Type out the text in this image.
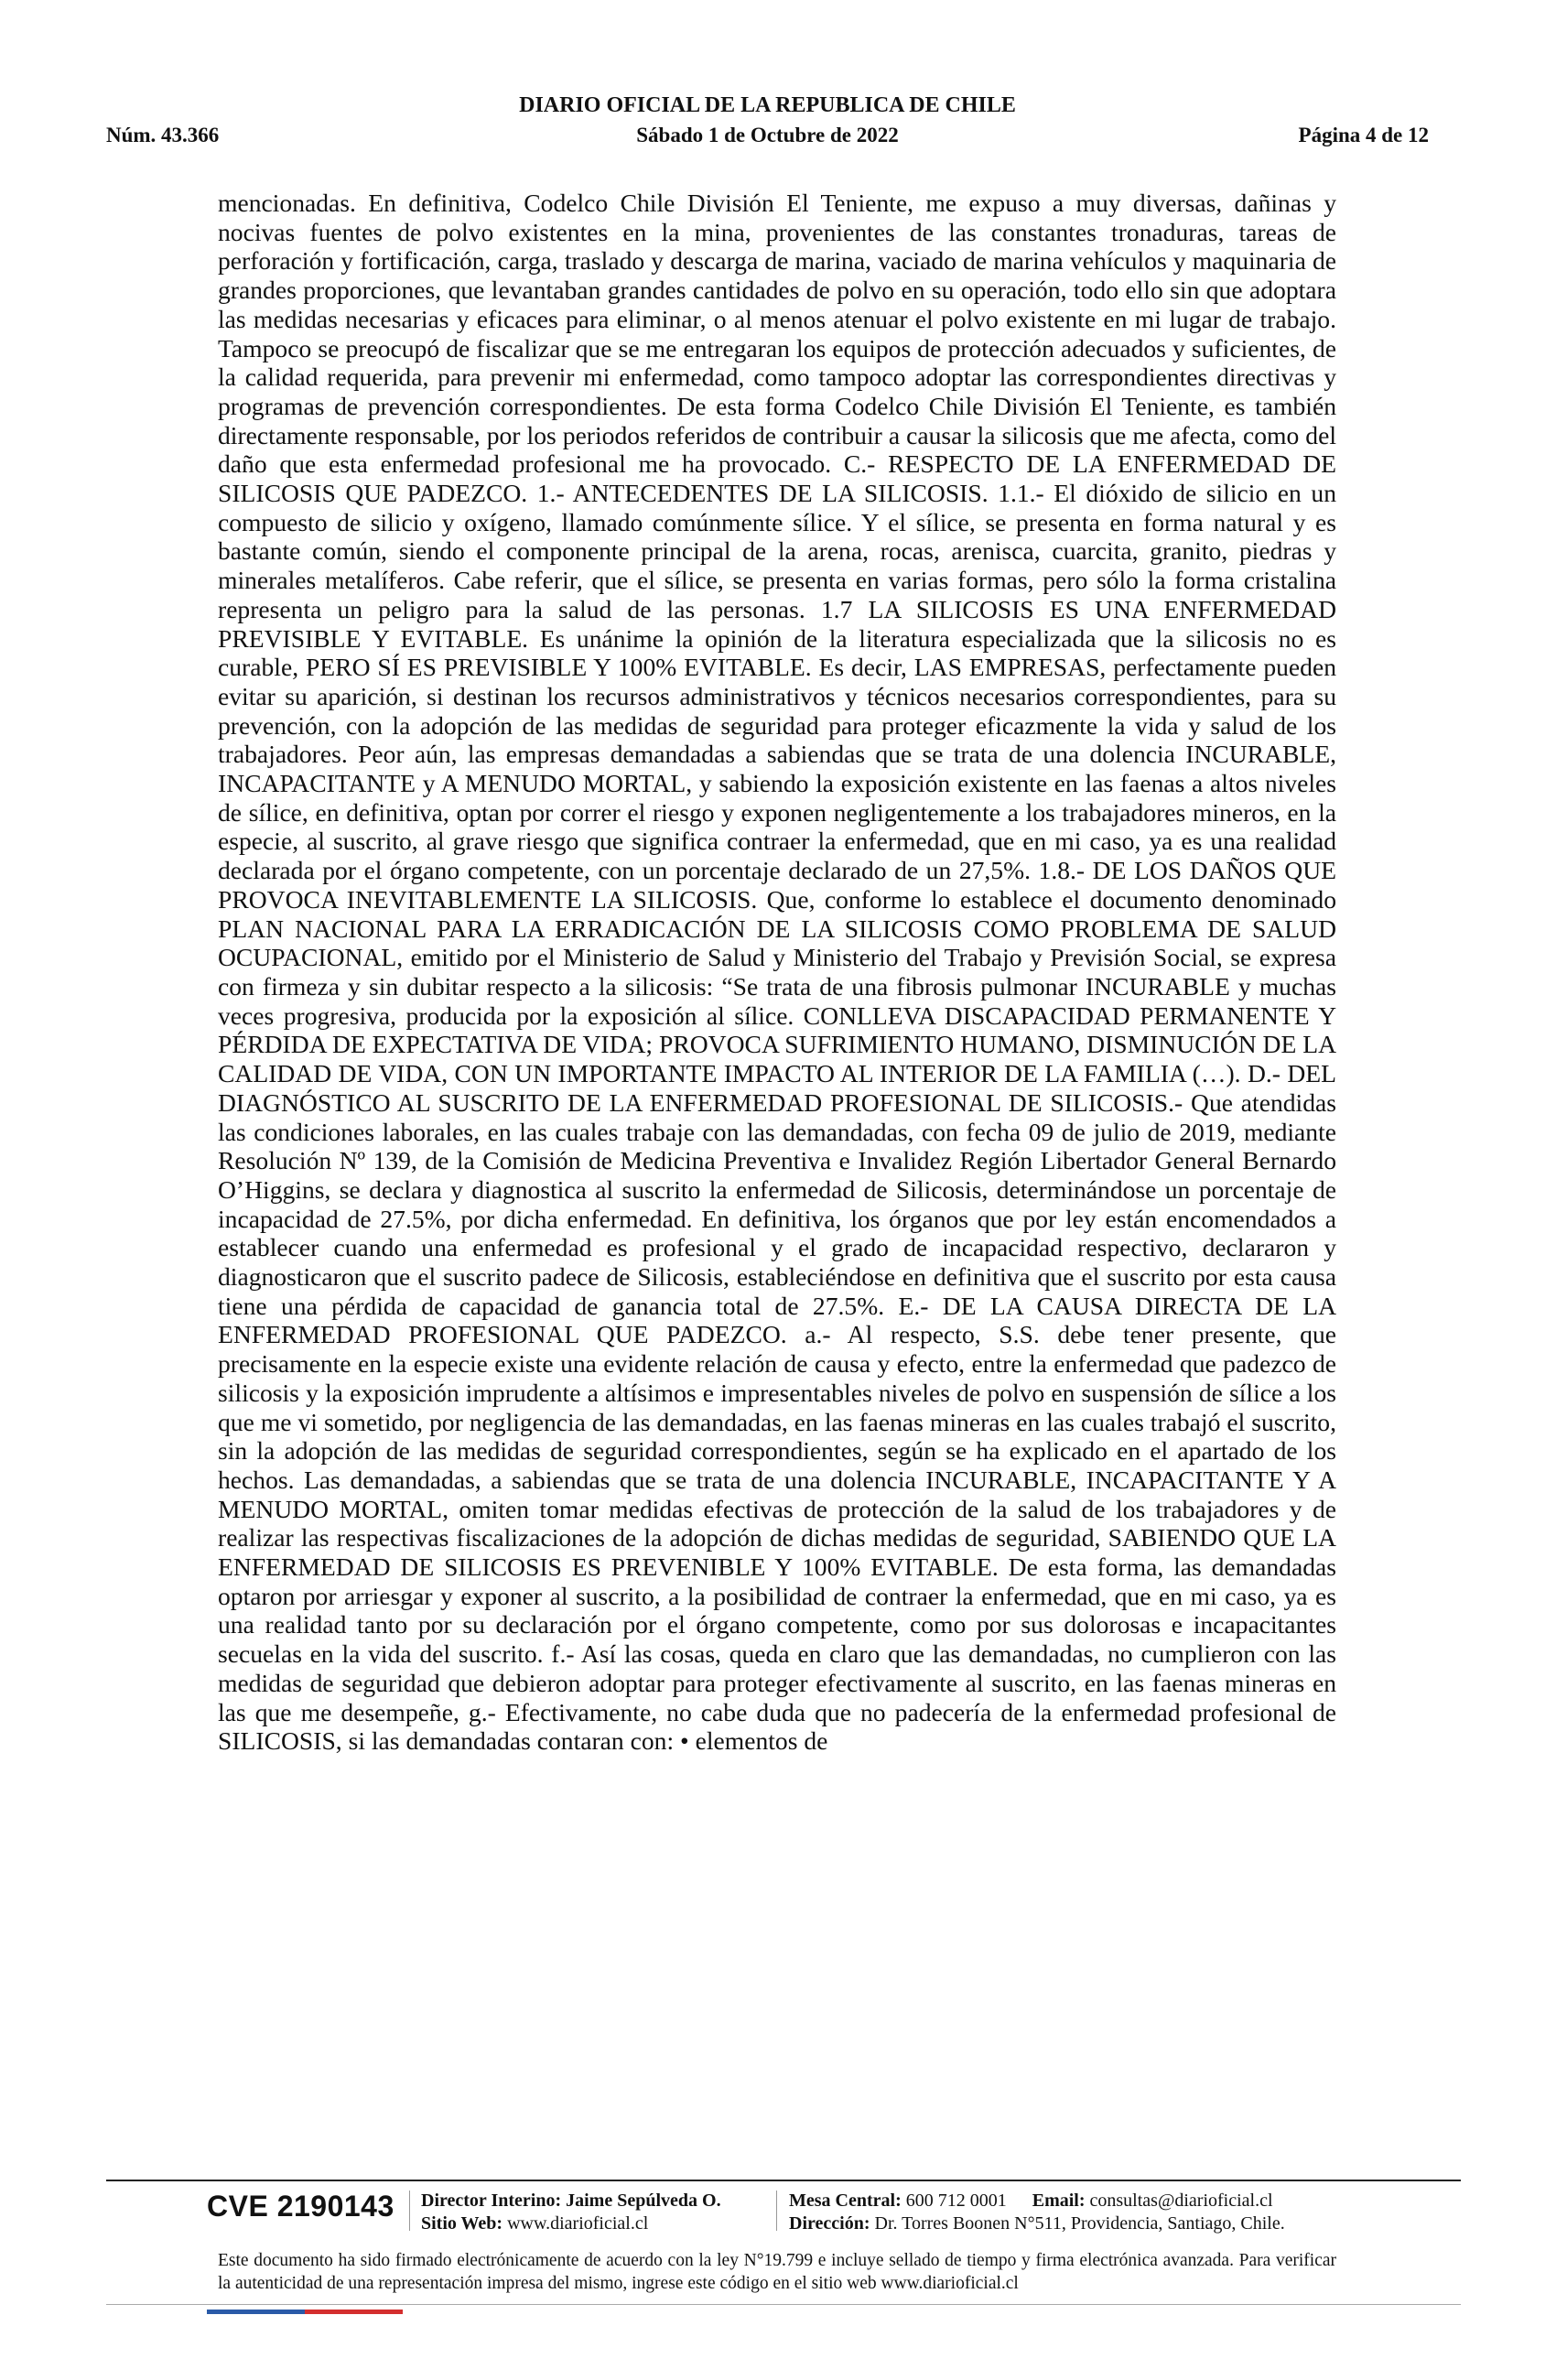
DIARIO OFICIAL DE LA REPUBLICA DE CHILE
Núm. 43.366	Sábado 1 de Octubre de 2022	Página 4 de 12

mencionadas. En definitiva, Codelco Chile División El Teniente, me expuso a muy diversas, dañinas y nocivas fuentes de polvo existentes en la mina, provenientes de las constantes tronaduras, tareas de perforación y fortificación, carga, traslado y descarga de marina, vaciado de marina vehículos y maquinaria de grandes proporciones, que levantaban grandes cantidades de polvo en su operación, todo ello sin que adoptara las medidas necesarias y eficaces para eliminar, o al menos atenuar el polvo existente en mi lugar de trabajo. Tampoco se preocupó de fiscalizar que se me entregaran los equipos de protección adecuados y suficientes, de la calidad requerida, para prevenir mi enfermedad, como tampoco adoptar las correspondientes directivas y programas de prevención correspondientes. De esta forma Codelco Chile División El Teniente, es también directamente responsable, por los periodos referidos de contribuir a causar la silicosis que me afecta, como del daño que esta enfermedad profesional me ha provocado. C.- RESPECTO DE LA ENFERMEDAD DE SILICOSIS QUE PADEZCO. 1.- ANTECEDENTES DE LA SILICOSIS. 1.1.- El dióxido de silicio en un compuesto de silicio y oxígeno, llamado comúnmente sílice. Y el sílice, se presenta en forma natural y es bastante común, siendo el componente principal de la arena, rocas, arenisca, cuarcita, granito, piedras y minerales metalíferos. Cabe referir, que el sílice, se presenta en varias formas, pero sólo la forma cristalina representa un peligro para la salud de las personas. 1.7 LA SILICOSIS ES UNA ENFERMEDAD PREVISIBLE Y EVITABLE. Es unánime la opinión de la literatura especializada que la silicosis no es curable, PERO SÍ ES PREVISIBLE Y 100% EVITABLE. Es decir, LAS EMPRESAS, perfectamente pueden evitar su aparición, si destinan los recursos administrativos y técnicos necesarios correspondientes, para su prevención, con la adopción de las medidas de seguridad para proteger eficazmente la vida y salud de los trabajadores. Peor aún, las empresas demandadas a sabiendas que se trata de una dolencia INCURABLE, INCAPACITANTE y A MENUDO MORTAL, y sabiendo la exposición existente en las faenas a altos niveles de sílice, en definitiva, optan por correr el riesgo y exponen negligentemente a los trabajadores mineros, en la especie, al suscrito, al grave riesgo que significa contraer la enfermedad, que en mi caso, ya es una realidad declarada por el órgano competente, con un porcentaje declarado de un 27,5%. 1.8.- DE LOS DAÑOS QUE PROVOCA INEVITABLEMENTE LA SILICOSIS. Que, conforme lo establece el documento denominado PLAN NACIONAL PARA LA ERRADICACIÓN DE LA SILICOSIS COMO PROBLEMA DE SALUD OCUPACIONAL, emitido por el Ministerio de Salud y Ministerio del Trabajo y Previsión Social, se expresa con firmeza y sin dubitar respecto a la silicosis: “Se trata de una fibrosis pulmonar INCURABLE y muchas veces progresiva, producida por la exposición al sílice. CONLLEVA DISCAPACIDAD PERMANENTE Y PÉRDIDA DE EXPECTATIVA DE VIDA; PROVOCA SUFRIMIENTO HUMANO, DISMINUCIÓN DE LA CALIDAD DE VIDA, CON UN IMPORTANTE IMPACTO AL INTERIOR DE LA FAMILIA (…). D.- DEL DIAGNÓSTICO AL SUSCRITO DE LA ENFERMEDAD PROFESIONAL DE SILICOSIS.- Que atendidas las condiciones laborales, en las cuales trabaje con las demandadas, con fecha 09 de julio de 2019, mediante Resolución Nº 139, de la Comisión de Medicina Preventiva e Invalidez Región Libertador General Bernardo O’Higgins, se declara y diagnostica al suscrito la enfermedad de Silicosis, determinándose un porcentaje de incapacidad de 27.5%, por dicha enfermedad. En definitiva, los órganos que por ley están encomendados a establecer cuando una enfermedad es profesional y el grado de incapacidad respectivo, declararon y diagnosticaron que el suscrito padece de Silicosis, estableciéndose en definitiva que el suscrito por esta causa tiene una pérdida de capacidad de ganancia total de 27.5%. E.- DE LA CAUSA DIRECTA DE LA ENFERMEDAD PROFESIONAL QUE PADEZCO. a.- Al respecto, S.S. debe tener presente, que precisamente en la especie existe una evidente relación de causa y efecto, entre la enfermedad que padezco de silicosis y la exposición imprudente a altísimos e impresentables niveles de polvo en suspensión de sílice a los que me vi sometido, por negligencia de las demandadas, en las faenas mineras en las cuales trabajó el suscrito, sin la adopción de las medidas de seguridad correspondientes, según se ha explicado en el apartado de los hechos. Las demandadas, a sabiendas que se trata de una dolencia INCURABLE, INCAPACITANTE Y A MENUDO MORTAL, omiten tomar medidas efectivas de protección de la salud de los trabajadores y de realizar las respectivas fiscalizaciones de la adopción de dichas medidas de seguridad, SABIENDO QUE LA ENFERMEDAD DE SILICOSIS ES PREVENIBLE Y 100% EVITABLE. De esta forma, las demandadas optaron por arriesgar y exponer al suscrito, a la posibilidad de contraer la enfermedad, que en mi caso, ya es una realidad tanto por su declaración por el órgano competente, como por sus dolorosas e incapacitantes secuelas en la vida del suscrito. f.- Así las cosas, queda en claro que las demandadas, no cumplieron con las medidas de seguridad que debieron adoptar para proteger efectivamente al suscrito, en las faenas mineras en las que me desempeñe, g.- Efectivamente, no cabe duda que no padecería de la enfermedad profesional de SILICOSIS, si las demandadas contaran con: • elementos de

CVE 2190143 Director Interino: Jaime Sepúlveda O.
Sitio Web: www.diarioficial.cl
Mesa Central: 600 712 0001 Email: consultas@diarioficial.cl
Dirección: Dr. Torres Boonen N°511, Providencia, Santiago, Chile.

Este documento ha sido firmado electrónicamente de acuerdo con la ley N°19.799 e incluye sellado de tiempo y firma electrónica avanzada. Para verificar la autenticidad de una representación impresa del mismo, ingrese este código en el sitio web www.diarioficial.cl
